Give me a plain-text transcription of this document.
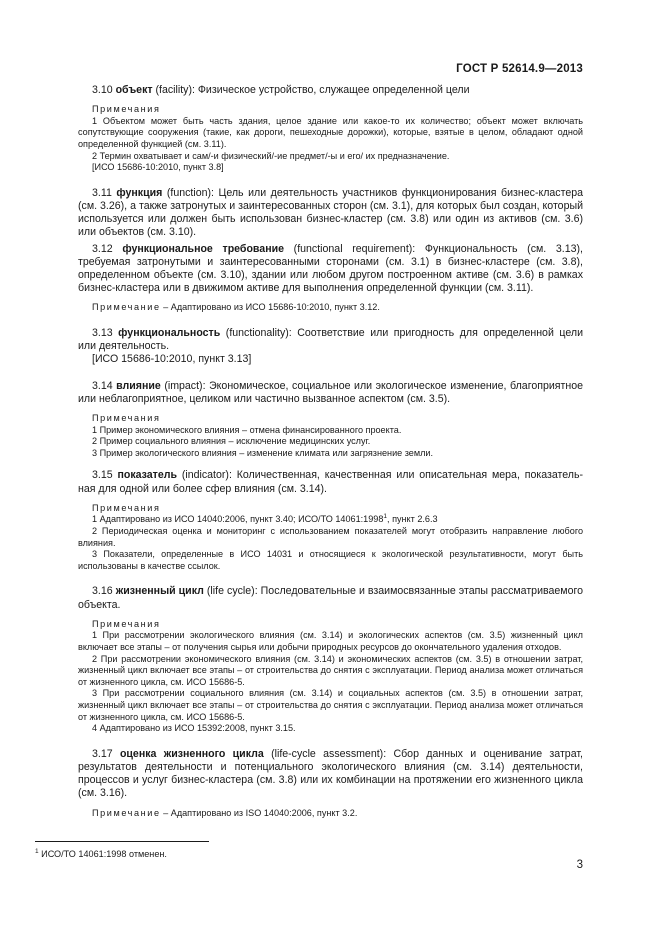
ГОСТ Р 52614.9—2013

3.10 объект (facility): Физическое устройство, служащее определенной цели

Примечания

1 Объектом может быть часть здания, целое здание или какое-то их количество; объект может включать сопутствующие сооружения (такие, как дороги, пешеходные дорожки), которые, взятые в целом, обладают одной определенной функцией (см. 3.11).

2 Термин охватывает и сам/-и физический/-ие предмет/-ы и его/ их предназначение.

[ИСО 15686-10:2010, пункт 3.8]

3.11 функция (function): Цель или деятельность участников функционирования бизнес-кластера (см. 3.26), а также затронутых и заинтересованных сторон (см. 3.1), для которых был создан, который используется или должен быть использован бизнес-кластер (см. 3.8) или один из активов (см. 3.6) или объектов (см. 3.10).

3.12 функциональное требование (functional requirement): Функциональность (см. 3.13), требуемая затронутыми и заинтересованными сторонами (см. 3.1) в бизнес-кластере (см. 3.8), определенном объекте (см. 3.10), здании или любом другом построенном активе (см. 3.6) в рамках бизнес-кластера или в движимом активе для выполнения определенной функции (см. 3.11).

Примечание – Адаптировано из ИСО 15686-10:2010, пункт 3.12.

3.13 функциональность (functionality): Соответствие или пригодность для определенной цели или деятельность.

[ИСО 15686-10:2010, пункт 3.13]

3.14 влияние (impact): Экономическое, социальное или экологическое изменение, благоприятное или неблагоприятное, целиком или частично вызванное аспектом (см. 3.5).

Примечания

1 Пример экономического влияния – отмена финансированного проекта.

2 Пример социального влияния – исключение медицинских услуг.

3 Пример экологического влияния – изменение климата или загрязнение земли.

3.15 показатель (indicator): Количественная, качественная или описательная мера, показатель-ная для одной или более сфер влияния (см. 3.14).

Примечания

1 Адаптировано из ИСО 14040:2006, пункт 3.40; ИСО/ТО 14061:1998$^1$, пункт 2.6.3

2 Периодическая оценка и мониторинг с использованием показателей могут отобразить направление любого влияния.

3 Показатели, определенные в ИСО 14031 и относящиеся к экологической результативности, могут быть использованы в качестве ссылок.

3.16 жизненный цикл (life cycle): Последовательные и взаимосвязанные этапы рассматриваемого объекта.

Примечания

1 При рассмотрении экологического влияния (см. 3.14) и экологических аспектов (см. 3.5) жизненный цикл включает все этапы – от получения сырья или добычи природных ресурсов до окончательного удаления отходов.

2 При рассмотрении экономического влияния (см. 3.14) и экономических аспектов (см. 3.5) в отношении затрат, жизненный цикл включает все этапы – от строительства до снятия с эксплуатации. Период анализа может отличаться от жизненного цикла, см. ИСО 15686-5.

3 При рассмотрении социального влияния (см. 3.14) и социальных аспектов (см. 3.5) в отношении затрат, жизненный цикл включает все этапы – от строительства до снятия с эксплуатации. Период анализа может отличаться от жизненного цикла, см. ИСО 15686-5.

4 Адаптировано из ИСО 15392:2008, пункт 3.15.

3.17 оценка жизненного цикла (life-cycle assessment): Сбор данных и оценивание затрат, результатов деятельности и потенциального экологического влияния (см. 3.14) деятельности, процессов и услуг бизнес-кластера (см. 3.8) или их комбинации на протяжении его жизненного цикла (см. 3.16).

Примечание – Адаптировано из ISO 14040:2006, пункт 3.2.

$^1$ ИСО/ТО 14061:1998 отменен.
3
